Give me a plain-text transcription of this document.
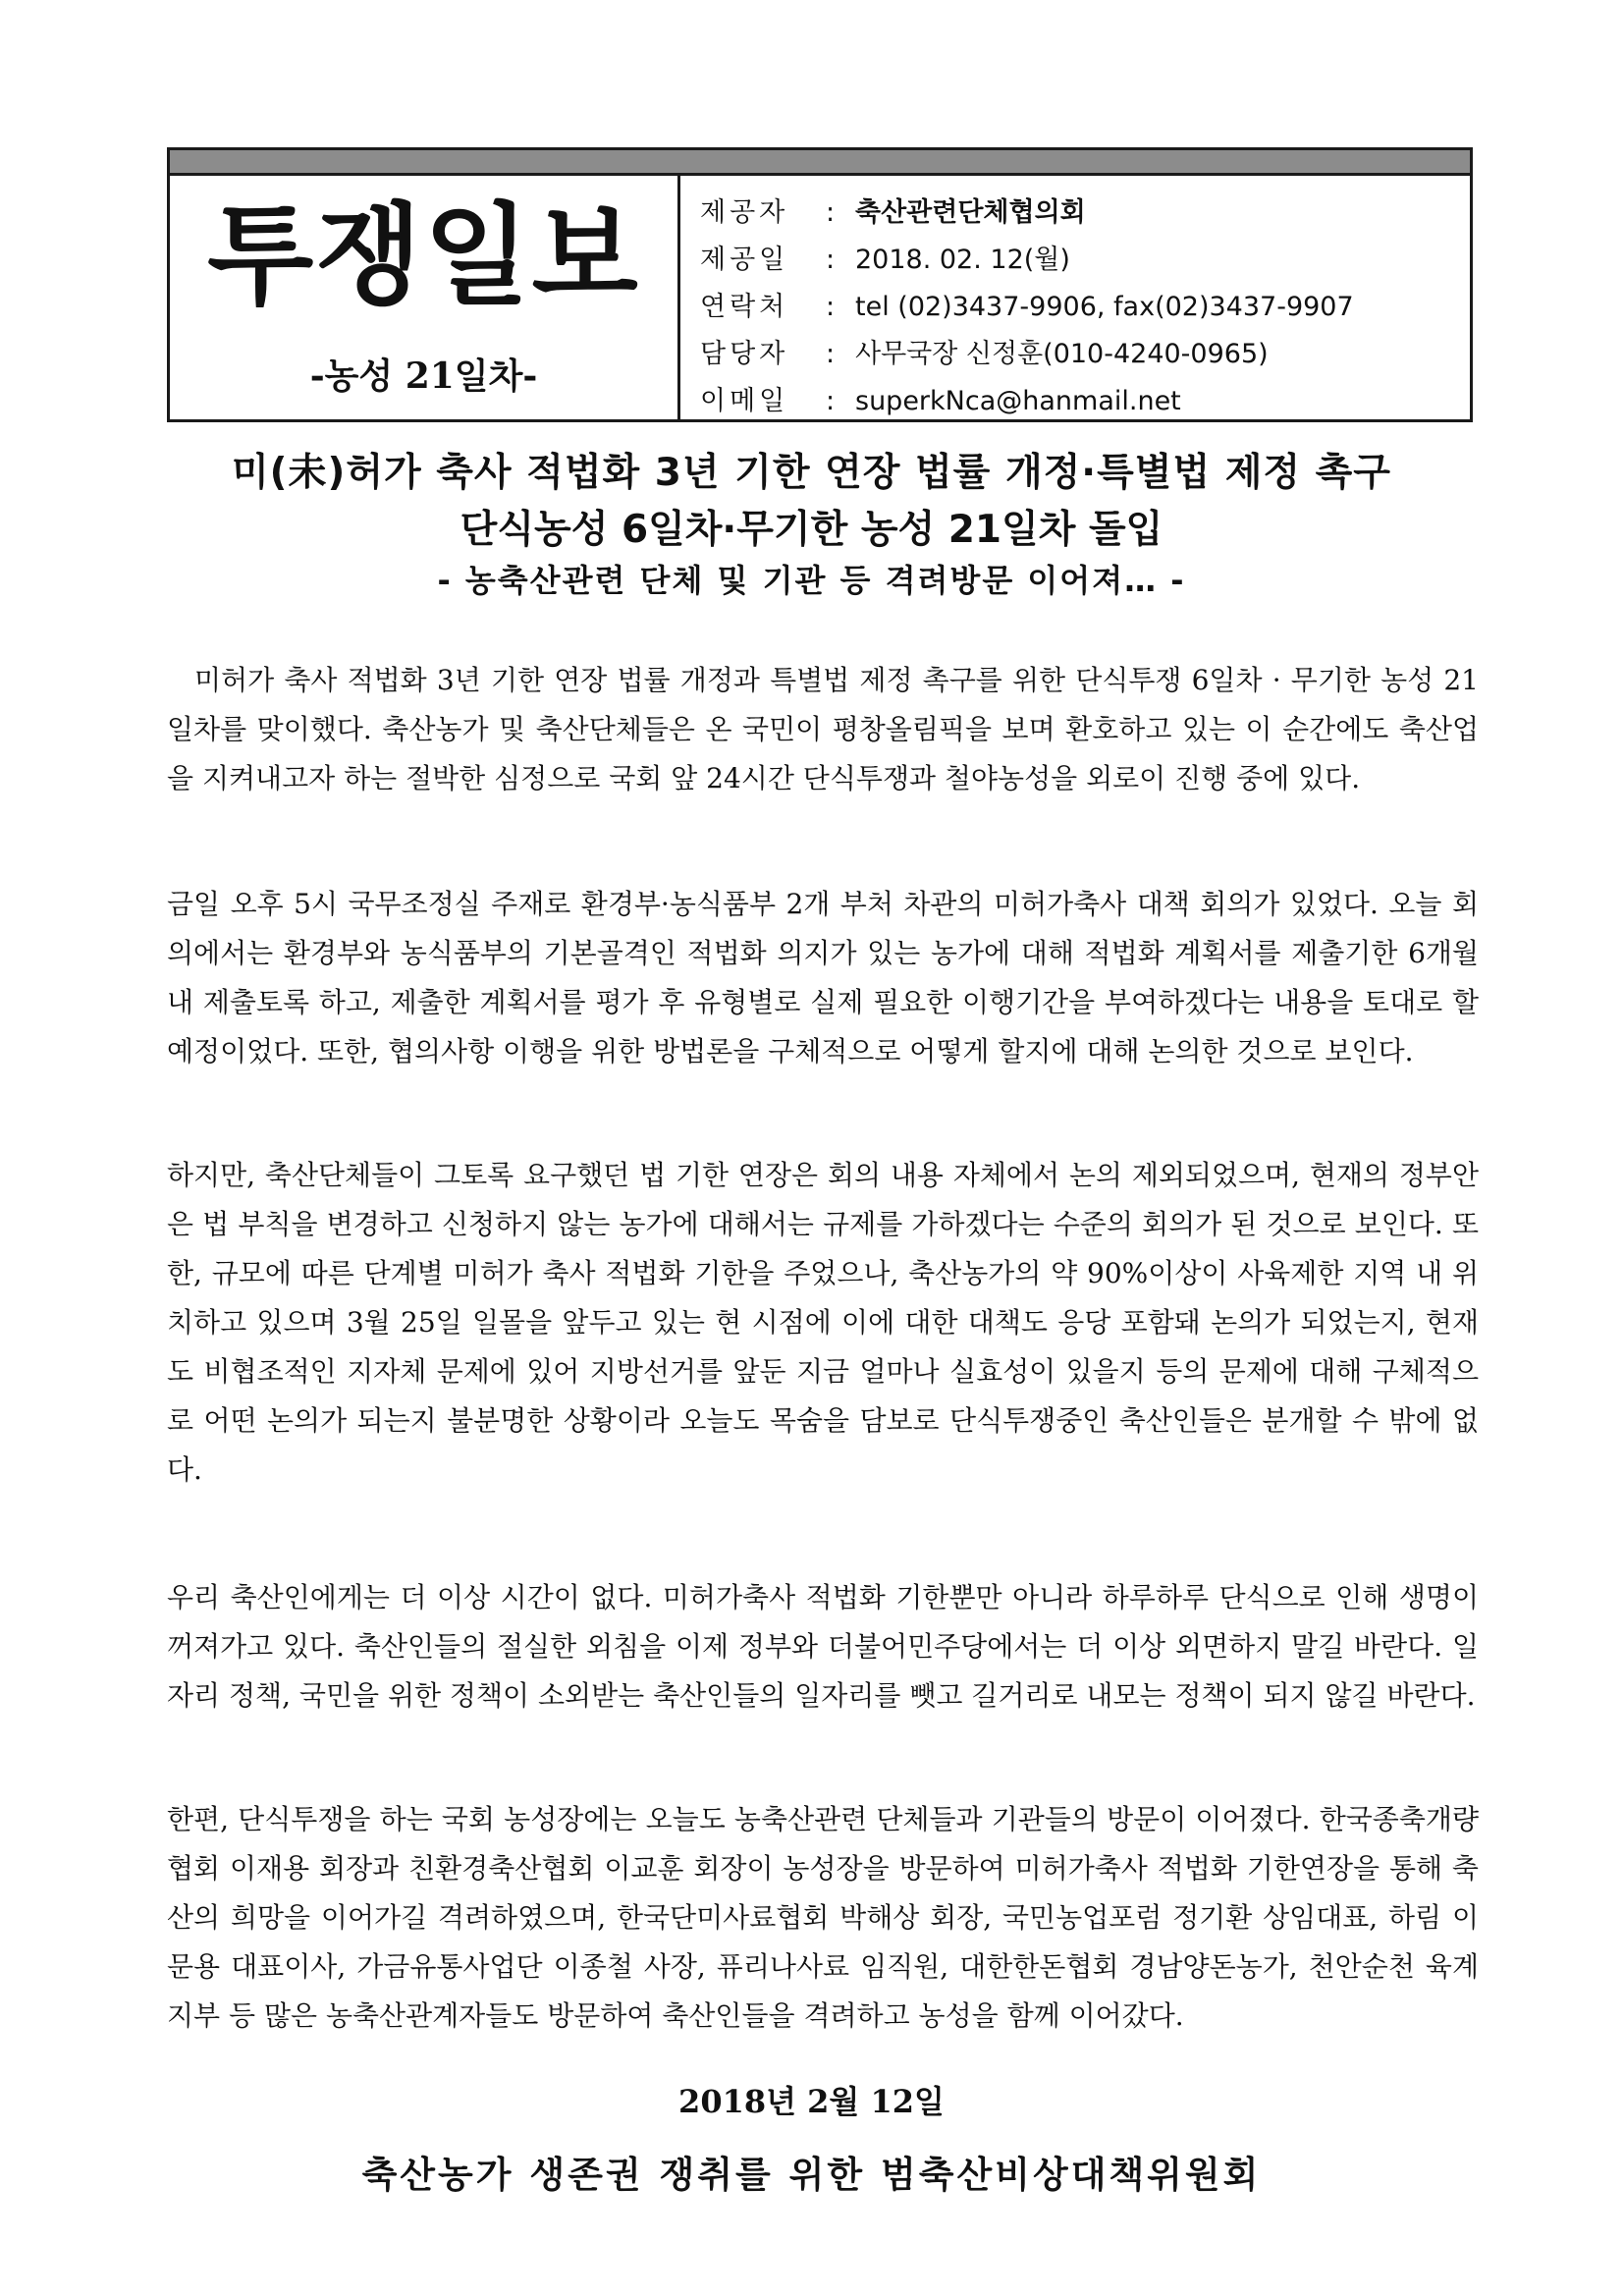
투쟁일보
-농성 21일차-
제공자	: 축산관련단체협의회
제공일	: 2018. 02. 12(월)
연락처	: tel (02)3437-9906, fax(02)3437-9907
담당자	: 사무국장 신정훈(010-4240-0965)
이메일	: superkNca@hanmail.net
미(未)허가 축사 적법화 3년 기한 연장 법률 개정·특별법 제정 촉구
단식농성 6일차·무기한 농성 21일차 돌입
- 농축산관련 단체 및 기관 등 격려방문 이어져… -

미허가 축사 적법화 3년 기한 연장 법률 개정과 특별법 제정 촉구를 위한 단식투쟁 6일차 · 무기한 농성 21일차를 맞이했다. 축산농가 및 축산단체들은 온 국민이 평창올림픽을 보며 환호하고 있는 이 순간에도 축산업을 지켜내고자 하는 절박한 심정으로 국회 앞 24시간 단식투쟁과 철야농성을 외로이 진행 중에 있다.

금일 오후 5시 국무조정실 주재로 환경부·농식품부 2개 부처 차관의 미허가축사 대책 회의가 있었다. 오늘 회의에서는 환경부와 농식품부의 기본골격인 적법화 의지가 있는 농가에 대해 적법화 계획서를 제출기한 6개월 내 제출토록 하고, 제출한 계획서를 평가 후 유형별로 실제 필요한 이행기간을 부여하겠다는 내용을 토대로 할 예정이었다. 또한, 협의사항 이행을 위한 방법론을 구체적으로 어떻게 할지에 대해 논의한 것으로 보인다.

하지만, 축산단체들이 그토록 요구했던 법 기한 연장은 회의 내용 자체에서 논의 제외되었으며, 현재의 정부안은 법 부칙을 변경하고 신청하지 않는 농가에 대해서는 규제를 가하겠다는 수준의 회의가 된 것으로 보인다. 또한, 규모에 따른 단계별 미허가 축사 적법화 기한을 주었으나, 축산농가의 약 90%이상이 사육제한 지역 내 위치하고 있으며 3월 25일 일몰을 앞두고 있는 현 시점에 이에 대한 대책도 응당 포함돼 논의가 되었는지, 현재도 비협조적인 지자체 문제에 있어 지방선거를 앞둔 지금 얼마나 실효성이 있을지 등의 문제에 대해 구체적으로 어떤 논의가 되는지 불분명한 상황이라 오늘도 목숨을 담보로 단식투쟁중인 축산인들은 분개할 수 밖에 없다.

우리 축산인에게는 더 이상 시간이 없다. 미허가축사 적법화 기한뿐만 아니라 하루하루 단식으로 인해 생명이 꺼져가고 있다. 축산인들의 절실한 외침을 이제 정부와 더불어민주당에서는 더 이상 외면하지 말길 바란다. 일자리 정책, 국민을 위한 정책이 소외받는 축산인들의 일자리를 뺏고 길거리로 내모는 정책이 되지 않길 바란다.

한편, 단식투쟁을 하는 국회 농성장에는 오늘도 농축산관련 단체들과 기관들의 방문이 이어졌다. 한국종축개량협회 이재용 회장과 친환경축산협회 이교훈 회장이 농성장을 방문하여 미허가축사 적법화 기한연장을 통해 축산의 희망을 이어가길 격려하였으며, 한국단미사료협회 박해상 회장, 국민농업포럼 정기환 상임대표, 하림 이문용 대표이사, 가금유통사업단 이종철 사장, 퓨리나사료 임직원, 대한한돈협회 경남양돈농가, 천안순천 육계지부 등 많은 농축산관계자들도 방문하여 축산인들을 격려하고 농성을 함께 이어갔다.

2018년 2월 12일
축산농가 생존권 쟁취를 위한 범축산비상대책위원회
